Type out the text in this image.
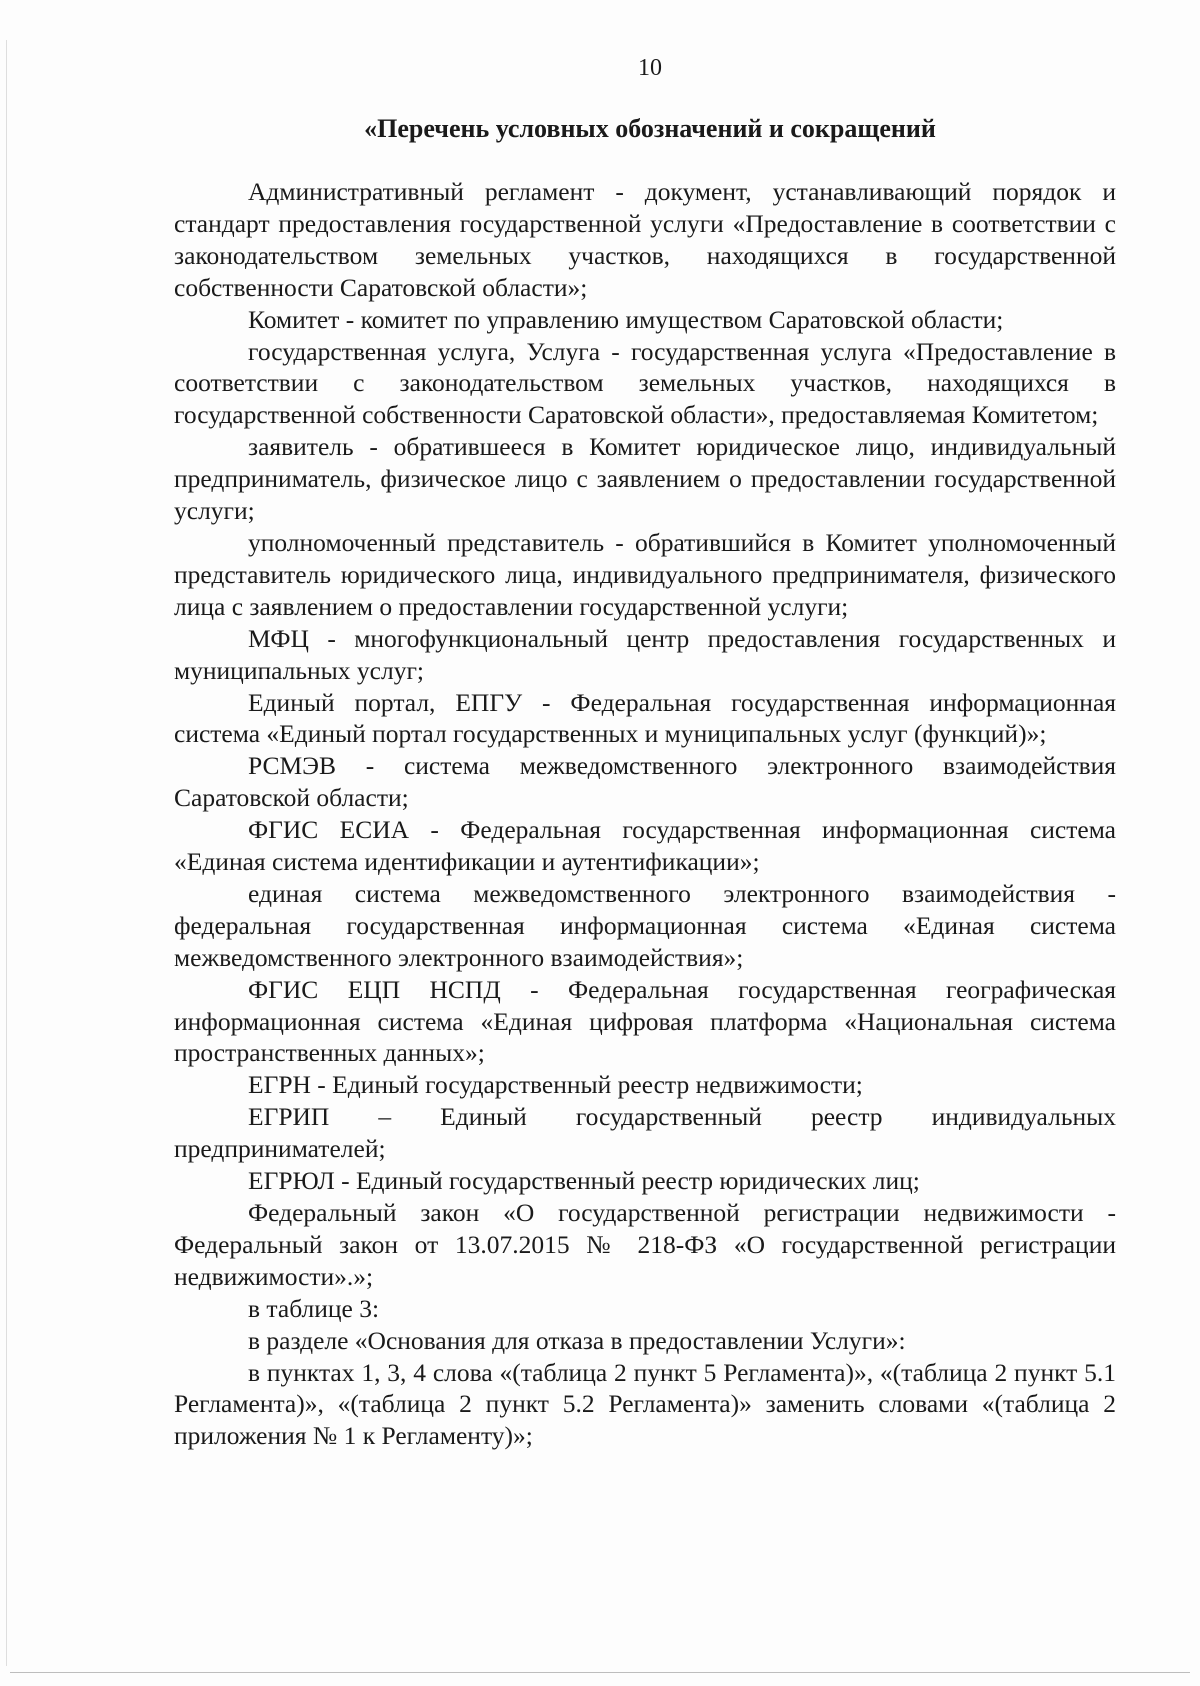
10
«Перечень условных обозначений и сокращений

Административный регламент - документ, устанавливающий порядок и стандарт предоставления государственной услуги «Предоставление в соответствии с законодательством земельных участков, находящихся в государственной собственности Саратовской области»;

Комитет - комитет по управлению имуществом Саратовской области;

государственная услуга, Услуга - государственная услуга «Предоставление в соответствии с законодательством земельных участков, находящихся в государственной собственности Саратовской области», предоставляемая Комитетом;

заявитель - обратившееся в Комитет юридическое лицо, индивидуальный предприниматель, физическое лицо с заявлением о предоставлении государственной услуги;

уполномоченный представитель - обратившийся в Комитет уполномоченный представитель юридического лица, индивидуального предпринимателя, физического лица с заявлением о предоставлении государственной услуги;

МФЦ - многофункциональный центр предоставления государственных и муниципальных услуг;

Единый портал, ЕПГУ - Федеральная государственная информационная система «Единый портал государственных и муниципальных услуг (функций)»;

РСМЭВ - система межведомственного электронного взаимодействия Саратовской области;

ФГИС ЕСИА - Федеральная государственная информационная система «Единая система идентификации и аутентификации»;

единая система межведомственного электронного взаимодействия - федеральная государственная информационная система «Единая система межведомственного электронного взаимодействия»;

ФГИС ЕЦП НСПД - Федеральная государственная географическая информационная система «Единая цифровая платформа «Национальная система пространственных данных»;

ЕГРН - Единый государственный реестр недвижимости;

ЕГРИП – Единый государственный реестр индивидуальных предпринимателей;

ЕГРЮЛ - Единый государственный реестр юридических лиц;

Федеральный закон «О государственной регистрации недвижимости - Федеральный закон от 13.07.2015 № 218-ФЗ «О государственной регистрации недвижимости».»;

в таблице 3:

в разделе «Основания для отказа в предоставлении Услуги»:

в пунктах 1, 3, 4 слова «(таблица 2 пункт 5 Регламента)», «(таблица 2 пункт 5.1 Регламента)», «(таблица 2 пункт 5.2 Регламента)» заменить словами «(таблица 2 приложения № 1 к Регламенту)»;
